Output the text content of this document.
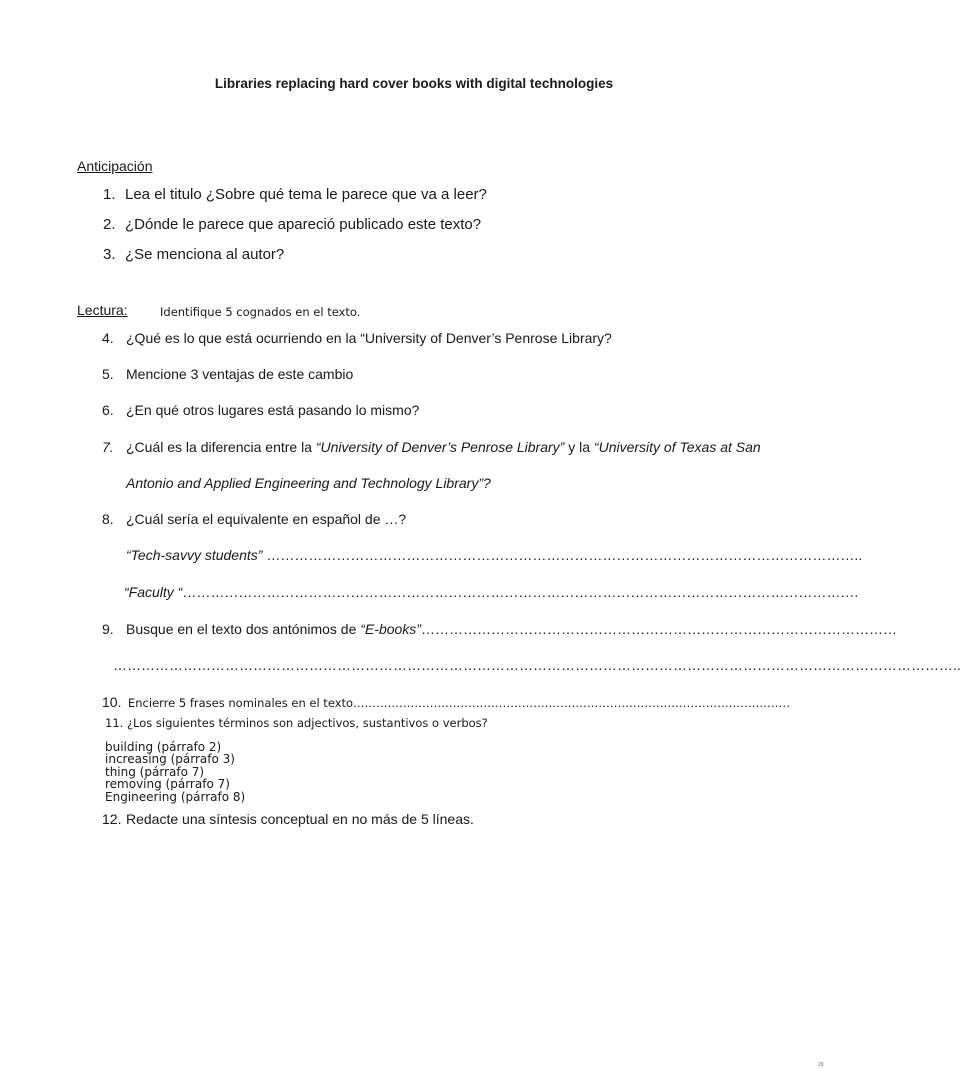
Libraries replacing hard cover books with digital technologies
Anticipación
1. Lea el titulo ¿Sobre qué tema le parece que va a leer?
2. ¿Dónde le parece que apareció publicado este texto?
3. ¿Se menciona al autor?
Lectura:	Identifique 5 cognados en el texto.
4. ¿Qué es lo que está ocurriendo en la “University of Denver’s Penrose Library?
5. Mencione 3 ventajas de este cambio
6. ¿En qué otros lugares está pasando lo mismo?
7. ¿Cuál es la diferencia entre la “University of Denver’s Penrose Library” y la “University of Texas at San
Antonio and Applied Engineering and Technology Library”?
8. ¿Cuál sería el equivalente en español de …?
“Tech-savvy students” ………………………………………………………………………………………………………………..
“Faculty “……………………………………………………………………………………………………………………………….
9. Busque en el texto dos antónimos de “E-books”…………………………………………………………………………………………
………………………………………………………………………………………………………………………………………………………………..
10. Encierre 5 frases nominales en el texto……………………………………………………………………………………………………
11. ¿Los siguientes términos son adjectivos, sustantivos o verbos?
building (párrafo 2)
increasing (párrafo 3)
thing (párrafo 7)
removing (párrafo 7)
Engineering (párrafo 8)
12. Redacte una síntesis conceptual en no más de 5 líneas.
28
